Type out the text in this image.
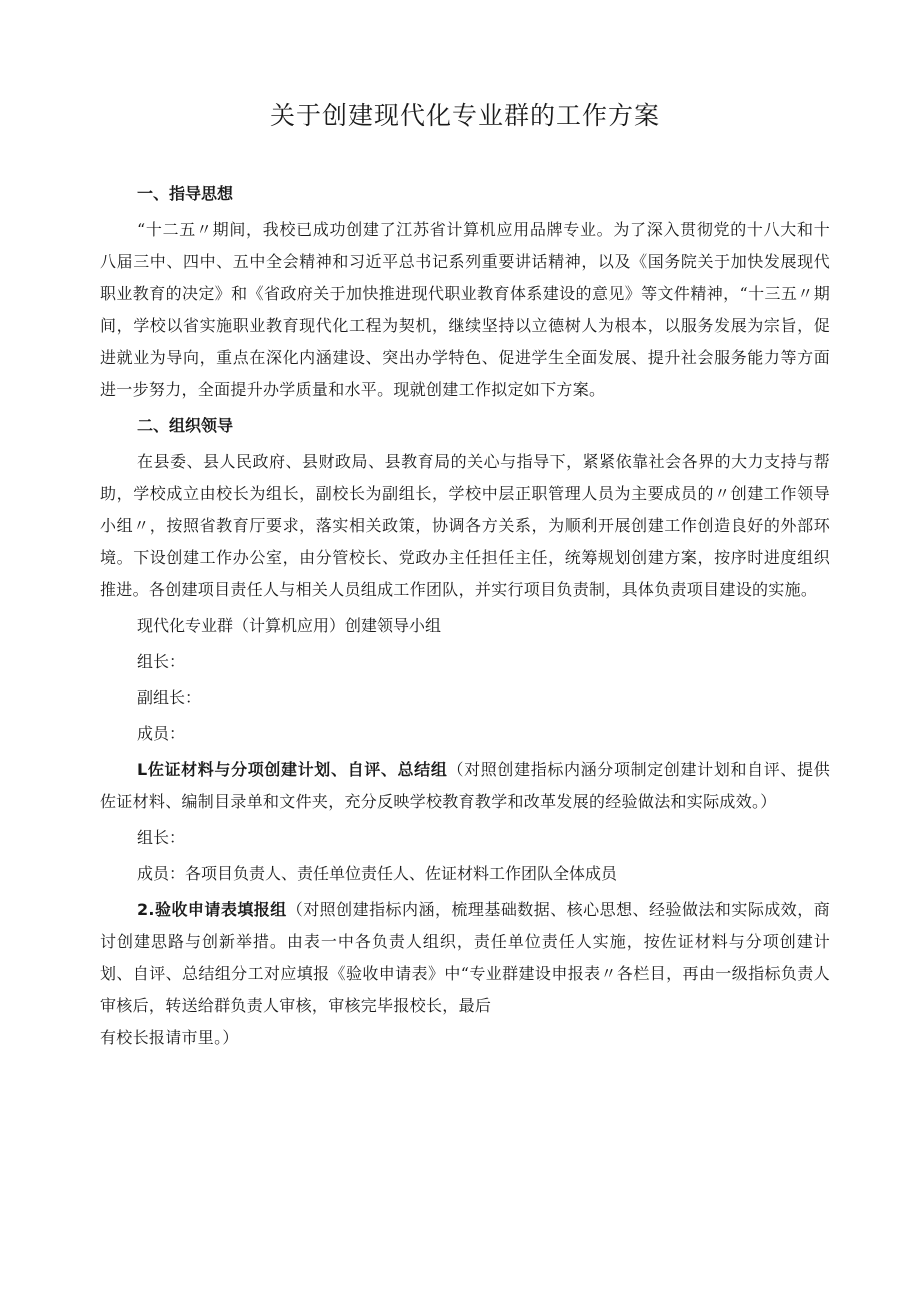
关于创建现代化专业群的工作方案

一、指导思想

“十二五〃期间，我校已成功创建了江苏省计算机应用品牌专业。为了深入贯彻党的十八大和十八届三中、四中、五中全会精神和习近平总书记系列重要讲话精神，以及《国务院关于加快发展现代职业教育的决定》和《省政府关于加快推进现代职业教育体系建设的意见》等文件精神，“十三五〃期间，学校以省实施职业教育现代化工程为契机，继续坚持以立德树人为根本，以服务发展为宗旨，促进就业为导向，重点在深化内涵建设、突出办学特色、促进学生全面发展、提升社会服务能力等方面进一步努力，全面提升办学质量和水平。现就创建工作拟定如下方案。

二、组织领导

在县委、县人民政府、县财政局、县教育局的关心与指导下，紧紧依靠社会各界的大力支持与帮助，学校成立由校长为组长，副校长为副组长，学校中层正职管理人员为主要成员的〃创建工作领导小组〃，按照省教育厅要求，落实相关政策，协调各方关系，为顺利开展创建工作创造良好的外部环境。下设创建工作办公室，由分管校长、党政办主任担任主任，统筹规划创建方案，按序时进度组织推进。各创建项目责任人与相关人员组成工作团队，并实行项目负责制，具体负责项目建设的实施。

现代化专业群（计算机应用）创建领导小组

组长：

副组长：

成员：

L佐证材料与分项创建计划、自评、总结组（对照创建指标内涵分项制定创建计划和自评、提供佐证材料、编制目录单和文件夹，充分反映学校教育教学和改革发展的经验做法和实际成效。）

组长：

成员：各项目负责人、责任单位责任人、佐证材料工作团队全体成员

2.验收申请表填报组（对照创建指标内涵，梳理基础数据、核心思想、经验做法和实际成效，商讨创建思路与创新举措。由表一中各负责人组织，责任单位责任人实施，按佐证材料与分项创建计划、自评、总结组分工对应填报《验收申请表》中“专业群建设申报表〃各栏目，再由一级指标负责人审核后，转送给群负责人审核，审核完毕报校长，最后

有校长报请市里。）
